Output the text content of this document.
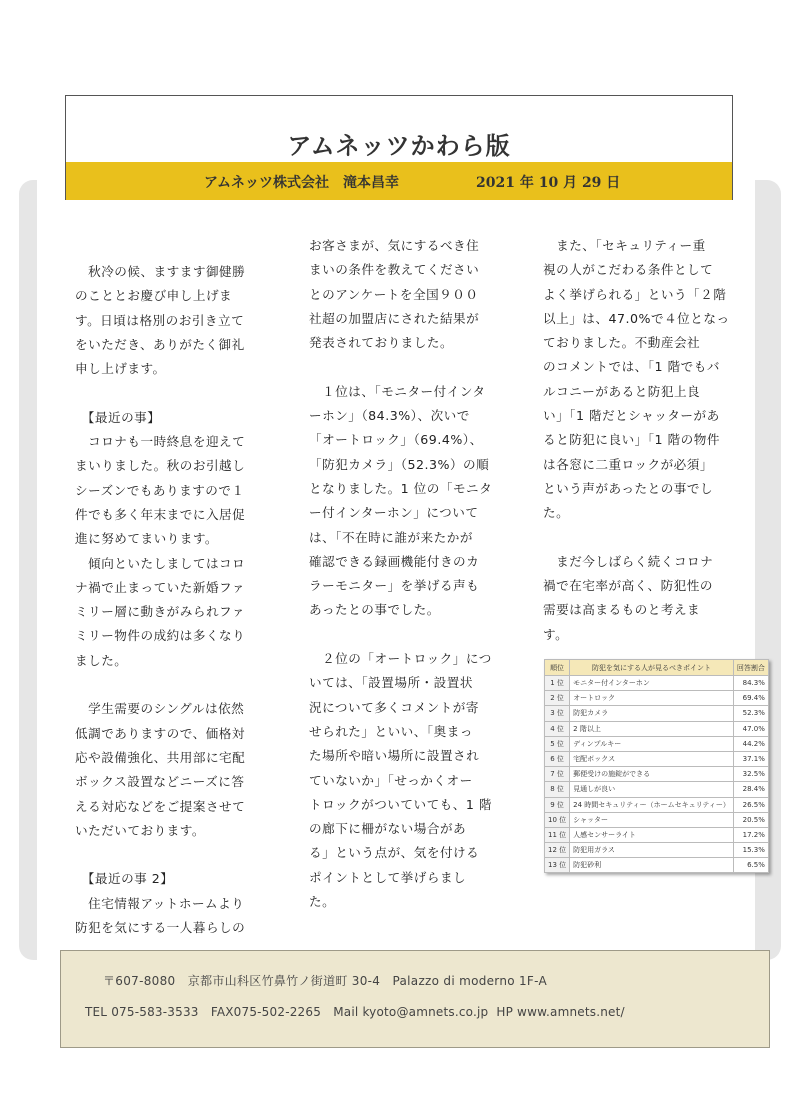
アムネッツかわら版
アムネッツ株式会社　滝本昌幸	2021 年 10 月 29 日

　秋冷の候、ますます御健勝

のこととお慶び申し上げま

す。日頃は格別のお引き立て

をいただき、ありがたく御礼

申し上げます。

　【最近の事】

　コロナも一時終息を迎えて

まいりました。秋のお引越し

シーズンでもありますので１

件でも多く年末までに入居促

進に努めてまいります。

　傾向といたしましてはコロ

ナ禍で止まっていた新婚ファ

ミリー層に動きがみられファ

ミリー物件の成約は多くなり

ました。

　学生需要のシングルは依然

低調でありますので、価格対

応や設備強化、共用部に宅配

ボックス設置などニーズに答

える対応などをご提案させて

いただいております。

　【最近の事 2】

　住宅情報アットホームより

防犯を気にする一人暮らしの

お客さまが、気にするべき住

まいの条件を教えてください

とのアンケートを全国９００

社超の加盟店にされた結果が

発表されておりました。

　１位は、「モニター付インタ

ーホン」（84.3%）、次いで

「オートロック」（69.4%）、

「防犯カメラ」（52.3%）の順

となりました。1 位の「モニタ

ー付インターホン」について

は、「不在時に誰が来たかが

確認できる録画機能付きのカ

ラーモニター」を挙げる声も

あったとの事でした。

　２位の「オートロック」につ

いては、「設置場所・設置状

況について多くコメントが寄

せられた」といい、「奥まっ

た場所や暗い場所に設置され

ていないか」「せっかくオー

トロックがついていても、1 階

の廊下に柵がない場合があ

る」という点が、気を付ける

ポイントとして挙げらまし

た。

　また、「セキュリティー重

視の人がこだわる条件として

よく挙げられる」という「２階

以上」は、47.0%で４位となっ

ておりました。不動産会社

のコメントでは、「1 階でもバ

ルコニーがあると防犯上良

い」「1 階だとシャッターがあ

ると防犯に良い」「1 階の物件

は各窓に二重ロックが必須」

という声があったとの事でし

た。

　まだ今しばらく続くコロナ

禍で在宅率が高く、防犯性の

需要は高まるものと考えま

す。

順位	防犯を気にする人が見るべきポイント	回答割合
1 位	モニター付インターホン	84.3%
2 位	オートロック	69.4%
3 位	防犯カメラ	52.3%
4 位	2 階以上	47.0%
5 位	ディンプルキー	44.2%
6 位	宅配ボックス	37.1%
7 位	郵便受けの施錠ができる	32.5%
8 位	見通しが良い	28.4%
9 位	24 時間セキュリティー（ホームセキュリティー）	26.5%
10 位	シャッター	20.5%
11 位	人感センサーライト	17.2%
12 位	防犯用ガラス	15.3%
13 位	防犯砂利	6.5%
〒607-8080　京都市山科区竹鼻竹ノ街道町 30-4　Palazzo di moderno 1F-A
TEL 075-583-3533　FAX075-502-2265　Mail kyoto@amnets.co.jp  HP www.amnets.net/
